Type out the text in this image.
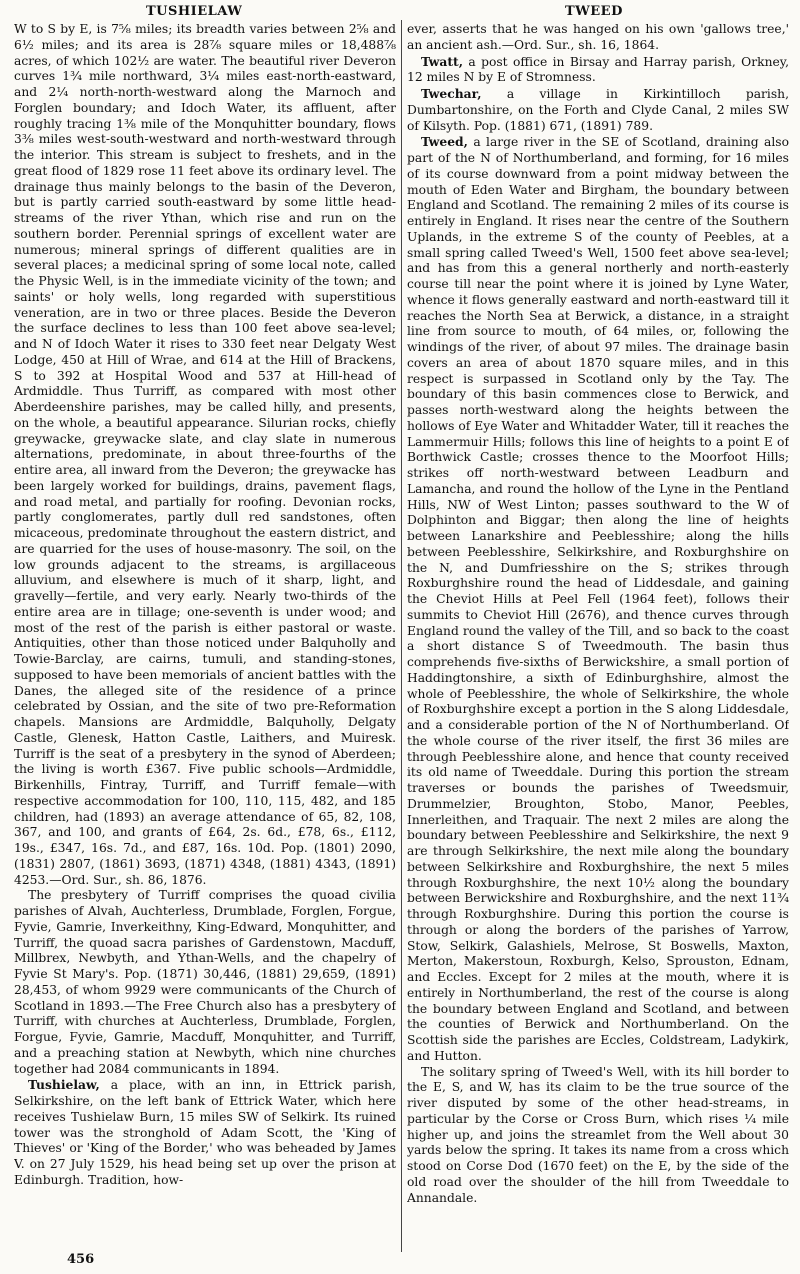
TUSHIELAW	TWEED

W to S by E, is 7⅝ miles; its breadth varies between 2⅝ and 6½ miles; and its area is 28⅞ square miles or 18,488⅞ acres, of which 102½ are water. The beautiful river Deveron curves 1¾ mile northward, 3¼ miles east-north-eastward, and 2¼ north-north-westward along the Marnoch and Forglen boundary; and Idoch Water, its affluent, after roughly tracing 1⅜ mile of the Monquhitter boundary, flows 3⅜ miles west-south-westward and north-westward through the interior. This stream is subject to freshets, and in the great flood of 1829 rose 11 feet above its ordinary level. The drainage thus mainly belongs to the basin of the Deveron, but is partly carried south-eastward by some little head-streams of the river Ythan, which rise and run on the southern border. Perennial springs of excellent water are numerous; mineral springs of different qualities are in several places; a medicinal spring of some local note, called the Physic Well, is in the immediate vicinity of the town; and saints' or holy wells, long regarded with superstitious veneration, are in two or three places. Beside the Deveron the surface declines to less than 100 feet above sea-level; and N of Idoch Water it rises to 330 feet near Delgaty West Lodge, 450 at Hill of Wrae, and 614 at the Hill of Brackens, S to 392 at Hospital Wood and 537 at Hill-head of Ardmiddle. Thus Turriff, as compared with most other Aberdeenshire parishes, may be called hilly, and presents, on the whole, a beautiful appearance. Silurian rocks, chiefly greywacke, greywacke slate, and clay slate in numerous alternations, predominate, in about three-fourths of the entire area, all inward from the Deveron; the greywacke has been largely worked for buildings, drains, pavement flags, and road metal, and partially for roofing. Devonian rocks, partly conglomerates, partly dull red sandstones, often micaceous, predominate throughout the eastern district, and are quarried for the uses of house-masonry. The soil, on the low grounds adjacent to the streams, is argillaceous alluvium, and elsewhere is much of it sharp, light, and gravelly—fertile, and very early. Nearly two-thirds of the entire area are in tillage; one-seventh is under wood; and most of the rest of the parish is either pastoral or waste. Antiquities, other than those noticed under Balquholly and Towie-Barclay, are cairns, tumuli, and standing-stones, supposed to have been memorials of ancient battles with the Danes, the alleged site of the residence of a prince celebrated by Ossian, and the site of two pre-Reformation chapels. Mansions are Ardmiddle, Balquholly, Delgaty Castle, Glenesk, Hatton Castle, Laithers, and Muiresk. Turriff is the seat of a presbytery in the synod of Aberdeen; the living is worth £367. Five public schools—Ardmiddle, Birkenhills, Fintray, Turriff, and Turriff female—with respective accommodation for 100, 110, 115, 482, and 185 children, had (1893) an average attendance of 65, 82, 108, 367, and 100, and grants of £64, 2s. 6d., £78, 6s., £112, 19s., £347, 16s. 7d., and £87, 16s. 10d. Pop. (1801) 2090, (1831) 2807, (1861) 3693, (1871) 4348, (1881) 4343, (1891) 4253.—Ord. Sur., sh. 86, 1876.

The presbytery of Turriff comprises the quoad civilia parishes of Alvah, Auchterless, Drumblade, Forglen, Forgue, Fyvie, Gamrie, Inverkeithny, King-Edward, Monquhitter, and Turriff, the quoad sacra parishes of Gardenstown, Macduff, Millbrex, Newbyth, and Ythan-Wells, and the chapelry of Fyvie St Mary's. Pop. (1871) 30,446, (1881) 29,659, (1891) 28,453, of whom 9929 were communicants of the Church of Scotland in 1893.—The Free Church also has a presbytery of Turriff, with churches at Auchterless, Drumblade, Forglen, Forgue, Fyvie, Gamrie, Macduff, Monquhitter, and Turriff, and a preaching station at Newbyth, which nine churches together had 2084 communicants in 1894.

Tushielaw, a place, with an inn, in Ettrick parish, Selkirkshire, on the left bank of Ettrick Water, which here receives Tushielaw Burn, 15 miles SW of Selkirk. Its ruined tower was the stronghold of Adam Scott, the 'King of Thieves' or 'King of the Border,' who was beheaded by James V. on 27 July 1529, his head being set up over the prison at Edinburgh. Tradition, how-

ever, asserts that he was hanged on his own 'gallows tree,' an ancient ash.—Ord. Sur., sh. 16, 1864.

Twatt, a post office in Birsay and Harray parish, Orkney, 12 miles N by E of Stromness.

Twechar, a village in Kirkintilloch parish, Dumbartonshire, on the Forth and Clyde Canal, 2 miles SW of Kilsyth. Pop. (1881) 671, (1891) 789.

Tweed, a large river in the SE of Scotland, draining also part of the N of Northumberland, and forming, for 16 miles of its course downward from a point midway between the mouth of Eden Water and Birgham, the boundary between England and Scotland. The remaining 2 miles of its course is entirely in England. It rises near the centre of the Southern Uplands, in the extreme S of the county of Peebles, at a small spring called Tweed's Well, 1500 feet above sea-level; and has from this a general northerly and north-easterly course till near the point where it is joined by Lyne Water, whence it flows generally eastward and north-eastward till it reaches the North Sea at Berwick, a distance, in a straight line from source to mouth, of 64 miles, or, following the windings of the river, of about 97 miles. The drainage basin covers an area of about 1870 square miles, and in this respect is surpassed in Scotland only by the Tay. The boundary of this basin commences close to Berwick, and passes north-westward along the heights between the hollows of Eye Water and Whitadder Water, till it reaches the Lammermuir Hills; follows this line of heights to a point E of Borthwick Castle; crosses thence to the Moorfoot Hills; strikes off north-westward between Leadburn and Lamancha, and round the hollow of the Lyne in the Pentland Hills, NW of West Linton; passes southward to the W of Dolphinton and Biggar; then along the line of heights between Lanarkshire and Peeblesshire; along the hills between Peeblesshire, Selkirkshire, and Roxburghshire on the N, and Dumfriesshire on the S; strikes through Roxburghshire round the head of Liddesdale, and gaining the Cheviot Hills at Peel Fell (1964 feet), follows their summits to Cheviot Hill (2676), and thence curves through England round the valley of the Till, and so back to the coast a short distance S of Tweedmouth. The basin thus comprehends five-sixths of Berwickshire, a small portion of Haddingtonshire, a sixth of Edinburghshire, almost the whole of Peeblesshire, the whole of Selkirkshire, the whole of Roxburghshire except a portion in the S along Liddesdale, and a considerable portion of the N of Northumberland. Of the whole course of the river itself, the first 36 miles are through Peeblesshire alone, and hence that county received its old name of Tweeddale. During this portion the stream traverses or bounds the parishes of Tweedsmuir, Drummelzier, Broughton, Stobo, Manor, Peebles, Innerleithen, and Traquair. The next 2 miles are along the boundary between Peeblesshire and Selkirkshire, the next 9 are through Selkirkshire, the next mile along the boundary between Selkirkshire and Roxburghshire, the next 5 miles through Roxburghshire, the next 10½ along the boundary between Berwickshire and Roxburghshire, and the next 11¾ through Roxburghshire. During this portion the course is through or along the borders of the parishes of Yarrow, Stow, Selkirk, Galashiels, Melrose, St Boswells, Maxton, Merton, Makerstoun, Roxburgh, Kelso, Sprouston, Ednam, and Eccles. Except for 2 miles at the mouth, where it is entirely in Northumberland, the rest of the course is along the boundary between England and Scotland, and between the counties of Berwick and Northumberland. On the Scottish side the parishes are Eccles, Coldstream, Ladykirk, and Hutton.

The solitary spring of Tweed's Well, with its hill border to the E, S, and W, has its claim to be the true source of the river disputed by some of the other head-streams, in particular by the Corse or Cross Burn, which rises ¼ mile higher up, and joins the streamlet from the Well about 30 yards below the spring. It takes its name from a cross which stood on Corse Dod (1670 feet) on the E, by the side of the old road over the shoulder of the hill from Tweeddale to Annandale.

456
